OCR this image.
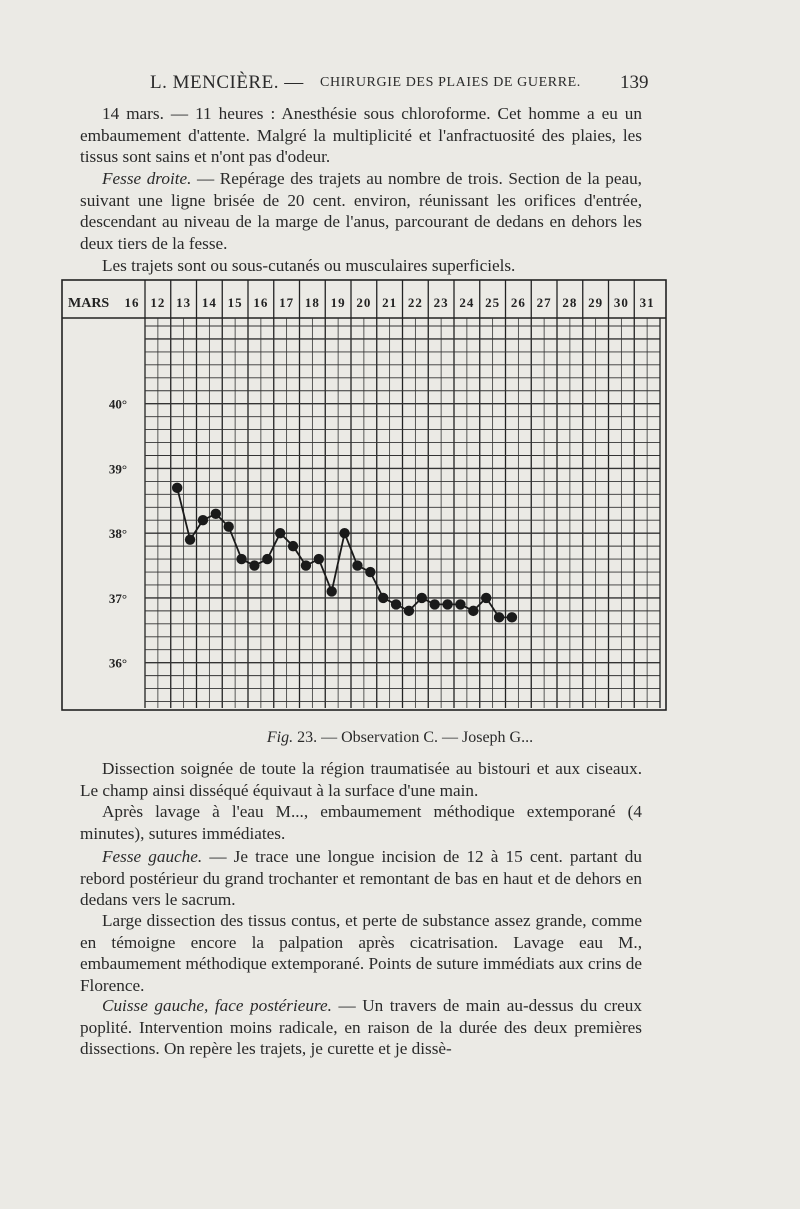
L. MENCIÈRE. — CHIRURGIE DES PLAIES DE GUERRE. 139

14 mars. — 11 heures : Anesthésie sous chloroforme. Cet homme a eu un embaumement d'attente. Malgré la multiplicité et l'anfractuosité des plaies, les tissus sont sains et n'ont pas d'odeur.

Fesse droite. — Repérage des trajets au nombre de trois. Section de la peau, suivant une ligne brisée de 20 cent. environ, réunissant les orifices d'entrée, descendant au niveau de la marge de l'anus, parcourant de dedans en dehors les deux tiers de la fesse.

Les trajets sont ou sous-cutanés ou musculaires superficiels.

MARS 16 12 13 14 15 16 17 18 19 20 21 22 23 24 25 26 27 28 29 30 31
40°
39°
38°
37°
36°
Fig. 23. — Observation C. — Joseph G...

Dissection soignée de toute la région traumatisée au bistouri et aux ciseaux. Le champ ainsi disséqué équivaut à la surface d'une main.

Après lavage à l'eau M..., embaumement méthodique extemporané (4 minutes), sutures immédiates.

Fesse gauche. — Je trace une longue incision de 12 à 15 cent. partant du rebord postérieur du grand trochanter et remontant de bas en haut et de dehors en dedans vers le sacrum.

Large dissection des tissus contus, et perte de substance assez grande, comme en témoigne encore la palpation après cicatrisation. Lavage eau M., embaumement méthodique extemporané. Points de suture immédiats aux crins de Florence.

Cuisse gauche, face postérieure. — Un travers de main au-dessus du creux poplité. Intervention moins radicale, en raison de la durée des deux premières dissections. On repère les trajets, je curette et je dissè-
